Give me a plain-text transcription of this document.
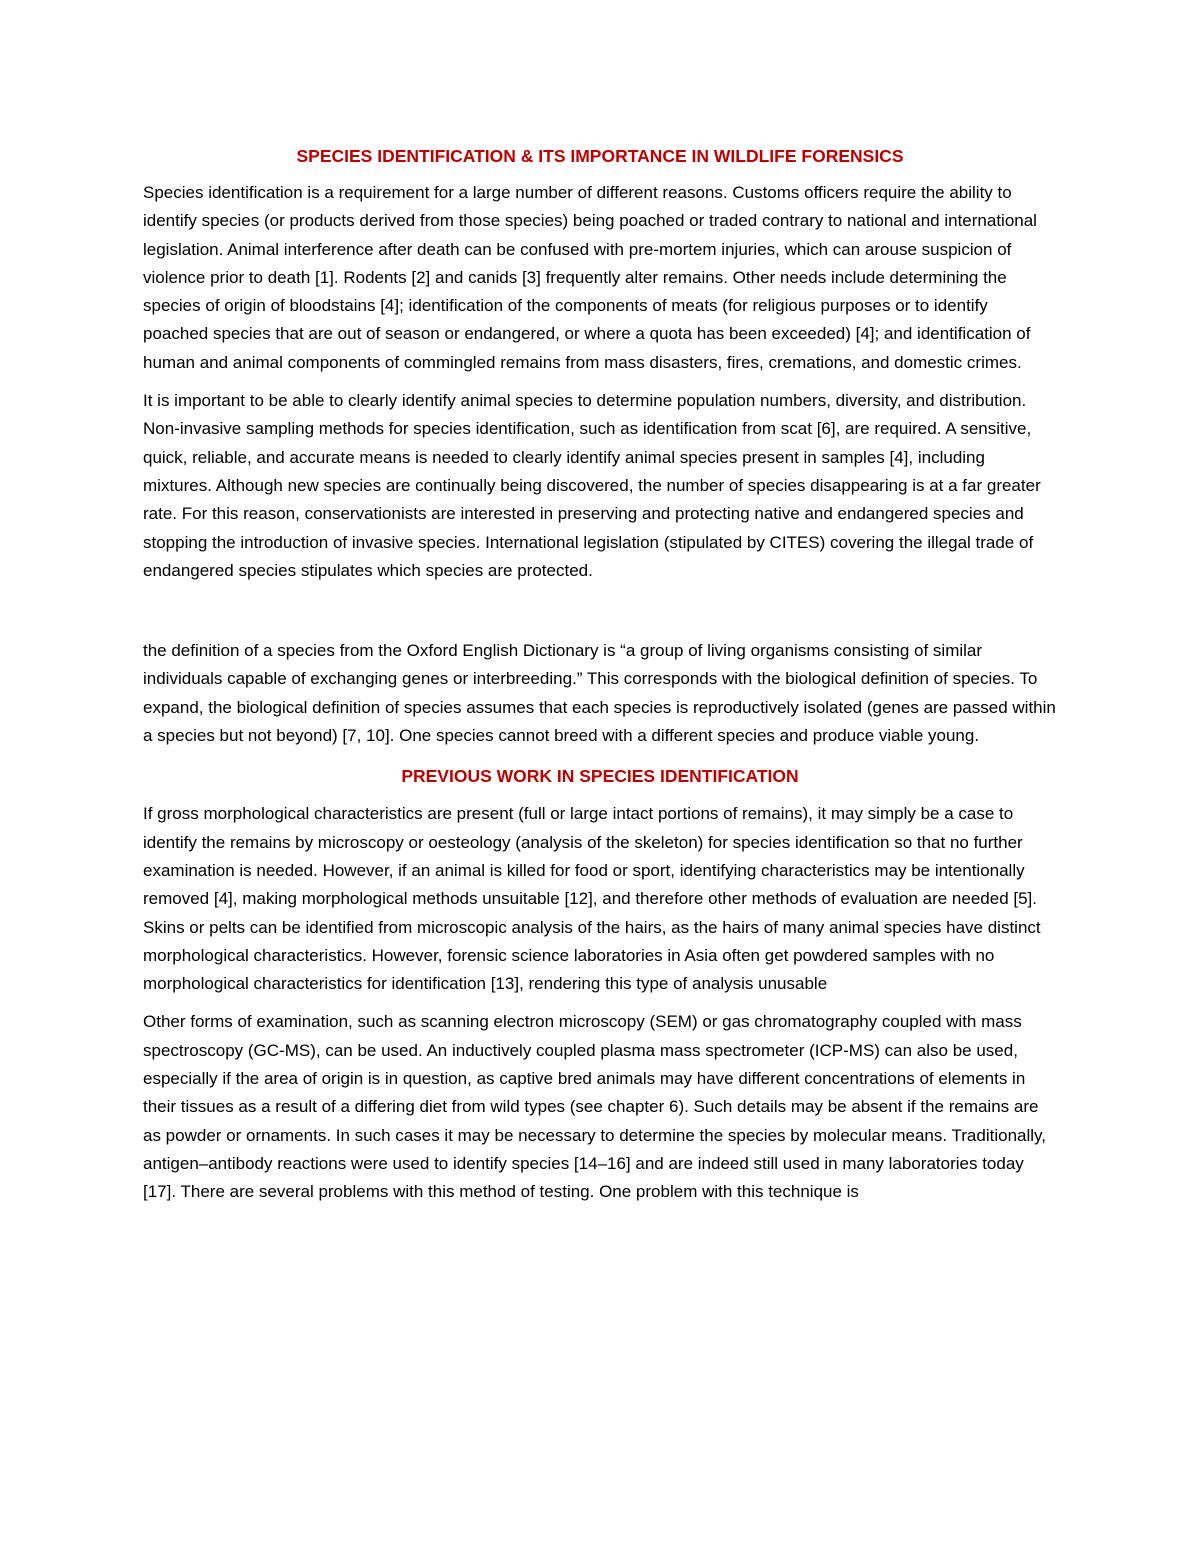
SPECIES IDENTIFICATION & ITS IMPORTANCE IN WILDLIFE FORENSICS

Species identification is a requirement for a large number of different reasons. Customs officers require the ability to identify species (or products derived from those species) being poached or traded contrary to national and international legislation. Animal interference after death can be confused with pre-mortem injuries, which can arouse suspicion of violence prior to death [1]. Rodents [2] and canids [3] frequently alter remains. Other needs include determining the species of origin of bloodstains [4]; identification of the components of meats (for religious purposes or to identify poached species that are out of season or endangered, or where a quota has been exceeded) [4]; and identification of human and animal components of commingled remains from mass disasters, fires, cremations, and domestic crimes.

It is important to be able to clearly identify animal species to determine population numbers, diversity, and distribution. Non-invasive sampling methods for species identification, such as identification from scat [6], are required. A sensitive, quick, reliable, and accurate means is needed to clearly identify animal species present in samples [4], including mixtures. Although new species are continually being discovered, the number of species disappearing is at a far greater rate. For this reason, conservationists are interested in preserving and protecting native and endangered species and stopping the introduction of invasive species. International legislation (stipulated by CITES) covering the illegal trade of endangered species stipulates which species are protected.

the definition of a species from the Oxford English Dictionary is “a group of living organisms consisting of similar individuals capable of exchanging genes or interbreeding.” This corresponds with the biological definition of species. To expand, the biological definition of species assumes that each species is reproductively isolated (genes are passed within a species but not beyond) [7, 10]. One species cannot breed with a different species and produce viable young.

PREVIOUS WORK IN SPECIES IDENTIFICATION

If gross morphological characteristics are present (full or large intact portions of remains), it may simply be a case to identify the remains by microscopy or oesteology (analysis of the skeleton) for species identification so that no further examination is needed. However, if an animal is killed for food or sport, identifying characteristics may be intentionally removed [4], making morphological methods unsuitable [12], and therefore other methods of evaluation are needed [5]. Skins or pelts can be identified from microscopic analysis of the hairs, as the hairs of many animal species have distinct morphological characteristics. However, forensic science laboratories in Asia often get powdered samples with no morphological characteristics for identification [13], rendering this type of analysis unusable

Other forms of examination, such as scanning electron microscopy (SEM) or gas chromatography coupled with mass spectroscopy (GC-MS), can be used. An inductively coupled plasma mass spectrometer (ICP-MS) can also be used, especially if the area of origin is in question, as captive bred animals may have different concentrations of elements in their tissues as a result of a differing diet from wild types (see chapter 6). Such details may be absent if the remains are as powder or ornaments. In such cases it may be necessary to determine the species by molecular means. Traditionally, antigen–antibody reactions were used to identify species [14–16] and are indeed still used in many laboratories today [17]. There are several problems with this method of testing. One problem with this technique is
